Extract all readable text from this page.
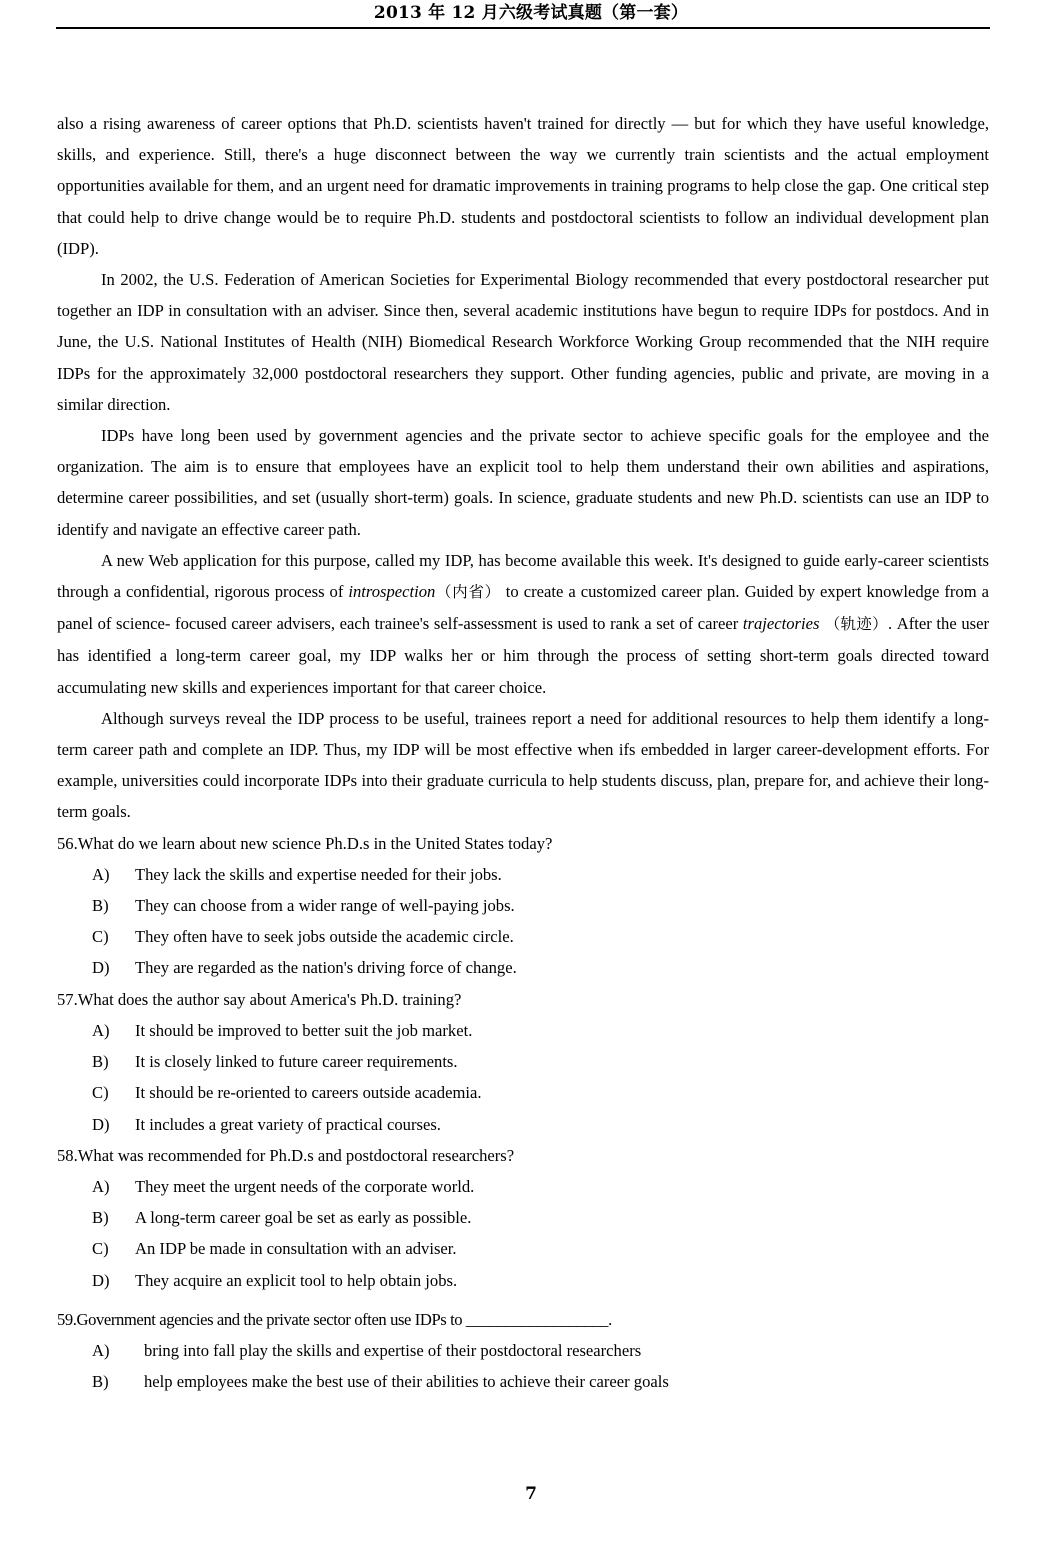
2013 年 12 月六级考试真题（第一套）

also a rising awareness of career options that Ph.D. scientists haven't trained for directly — but for which they have useful knowledge, skills, and experience. Still, there's a huge disconnect between the way we currently train scientists and the actual employment opportunities available for them, and an urgent need for dramatic improvements in training programs to help close the gap. One critical step that could help to drive change would be to require Ph.D. students and postdoctoral scientists to follow an individual development plan (IDP).

In 2002, the U.S. Federation of American Societies for Experimental Biology recommended that every postdoctoral researcher put together an IDP in consultation with an adviser. Since then, several academic institutions have begun to require IDPs for postdocs. And in June, the U.S. National Institutes of Health (NIH) Biomedical Research Workforce Working Group recommended that the NIH require IDPs for the approximately 32,000 postdoctoral researchers they support. Other funding agencies, public and private, are moving in a similar direction.

IDPs have long been used by government agencies and the private sector to achieve specific goals for the employee and the organization. The aim is to ensure that employees have an explicit tool to help them understand their own abilities and aspirations, determine career possibilities, and set (usually short-term) goals. In science, graduate students and new Ph.D. scientists can use an IDP to identify and navigate an effective career path.

A new Web application for this purpose, called my IDP, has become available this week. It's designed to guide early-career scientists through a confidential, rigorous process of introspection（内省） to create a customized career plan. Guided by expert knowledge from a panel of science- focused career advisers, each trainee's self-assessment is used to rank a set of career trajectories （轨迹）. After the user has identified a long-term career goal, my IDP walks her or him through the process of setting short-term goals directed toward accumulating new skills and experiences important for that career choice.

Although surveys reveal the IDP process to be useful, trainees report a need for additional resources to help them identify a long-term career path and complete an IDP. Thus, my IDP will be most effective when ifs embedded in larger career-development efforts. For example, universities could incorporate IDPs into their graduate curricula to help students discuss, plan, prepare for, and achieve their long-term goals.

56.What do we learn about new science Ph.D.s in the United States today?

A) They lack the skills and expertise needed for their jobs.
B) They can choose from a wider range of well-paying jobs.
C) They often have to seek jobs outside the academic circle.
D) They are regarded as the nation's driving force of change.

57.What does the author say about America's Ph.D. training?

A) It should be improved to better suit the job market.
B) It is closely linked to future career requirements.
C) It should be re-oriented to careers outside academia.
D) It includes a great variety of practical courses.

58.What was recommended for Ph.D.s and postdoctoral researchers?

A) They meet the urgent needs of the corporate world.
B) A long-term career goal be set as early as possible.
C) An IDP be made in consultation with an adviser.
D) They acquire an explicit tool to help obtain jobs.

59.Government agencies and the private sector often use IDPs to __________________.

A) bring into fall play the skills and expertise of their postdoctoral researchers
B) help employees make the best use of their abilities to achieve their career goals
7
